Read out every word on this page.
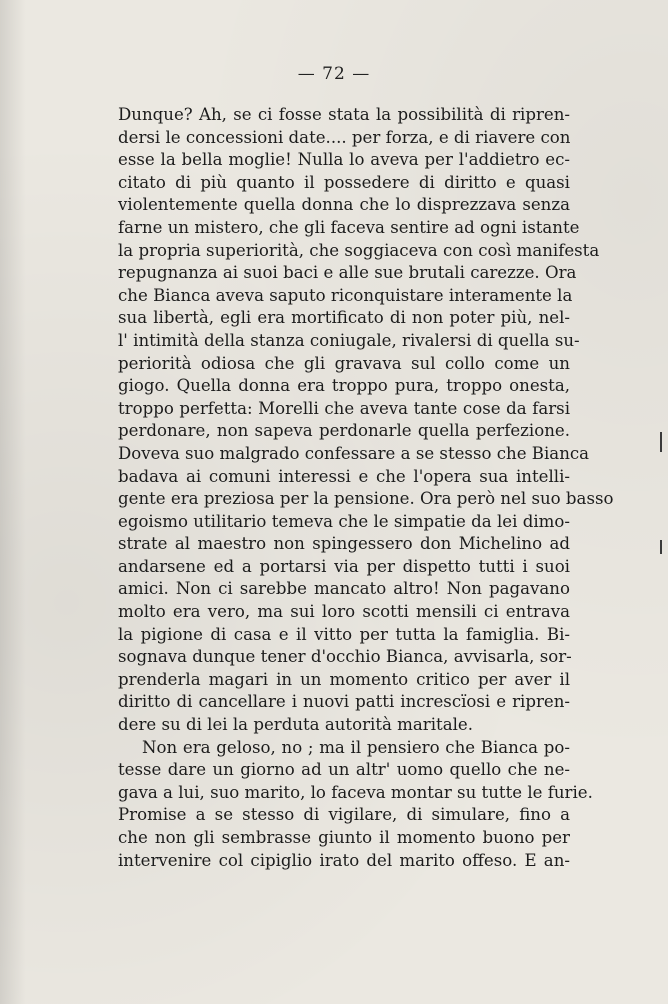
— 72 —
Dunque? Ah, se ci fosse stata la possibilità di ripren-
dersi le concessioni date.... per forza, e di riavere con
esse la bella moglie! Nulla lo aveva per l'addietro ec-
citato di più quanto il possedere di diritto e quasi
violentemente quella donna che lo disprezzava senza
farne un mistero, che gli faceva sentire ad ogni istante
la propria superiorità, che soggiaceva con così manifesta
repugnanza ai suoi baci e alle sue brutali carezze. Ora
che Bianca aveva saputo riconquistare interamente la
sua libertà, egli era mortificato di non poter più, nel-
l' intimità della stanza coniugale, rivalersi di quella su-
periorità odiosa che gli gravava sul collo come un
giogo. Quella donna era troppo pura, troppo onesta,
troppo perfetta: Morelli che aveva tante cose da farsi
perdonare, non sapeva perdonarle quella perfezione.
Doveva suo malgrado confessare a se stesso che Bianca
badava ai comuni interessi e che l'opera sua intelli-
gente era preziosa per la pensione. Ora però nel suo basso
egoismo utilitario temeva che le simpatie da lei dimo-
strate al maestro non spingessero don Michelino ad
andarsene ed a portarsi via per dispetto tutti i suoi
amici. Non ci sarebbe mancato altro! Non pagavano
molto era vero, ma sui loro scotti mensili ci entrava
la pigione di casa e il vitto per tutta la famiglia. Bi-
sognava dunque tener d'occhio Bianca, avvisarla, sor-
prenderla magari in un momento critico per aver il
diritto di cancellare i nuovi patti increscïosi e ripren-
dere su di lei la perduta autorità maritale.
Non era geloso, no ; ma il pensiero che Bianca po-
tesse dare un giorno ad un altr' uomo quello che ne-
gava a lui, suo marito, lo faceva montar su tutte le furie.
Promise a se stesso di vigilare, di simulare, fino a
che non gli sembrasse giunto il momento buono per
intervenire col cipiglio irato del marito offeso. E an-
